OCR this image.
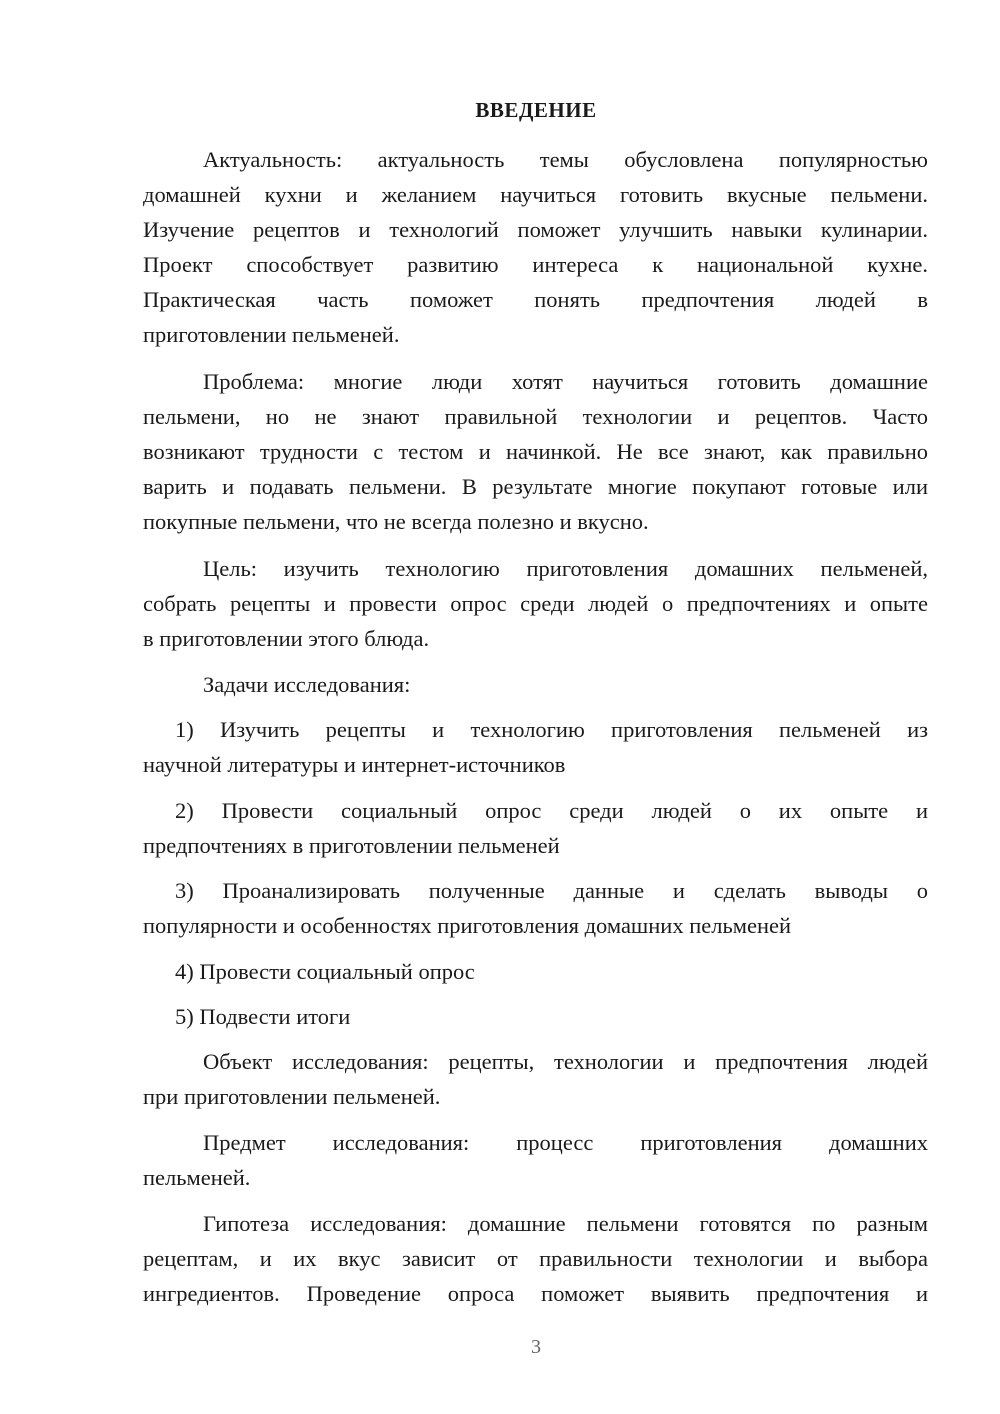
ВВЕДЕНИЕ
Актуальность: актуальность темы обусловлена популярностью
домашней кухни и желанием научиться готовить вкусные пельмени.
Изучение рецептов и технологий поможет улучшить навыки кулинарии.
Проект способствует развитию интереса к национальной кухне.
Практическая часть поможет понять предпочтения людей в
приготовлении пельменей.
Проблема: многие люди хотят научиться готовить домашние
пельмени, но не знают правильной технологии и рецептов. Часто
возникают трудности с тестом и начинкой. Не все знают, как правильно
варить и подавать пельмени. В результате многие покупают готовые или
покупные пельмени, что не всегда полезно и вкусно.
Цель: изучить технологию приготовления домашних пельменей,
собрать рецепты и провести опрос среди людей о предпочтениях и опыте
в приготовлении этого блюда.
Задачи исследования:
1) Изучить рецепты и технологию приготовления пельменей из
научной литературы и интернет-источников
2) Провести социальный опрос среди людей о их опыте и
предпочтениях в приготовлении пельменей
3) Проанализировать полученные данные и сделать выводы о
популярности и особенностях приготовления домашних пельменей
4) Провести социальный опрос
5) Подвести итоги
Объект исследования: рецепты, технологии и предпочтения людей
при приготовлении пельменей.
Предмет исследования: процесс приготовления домашних
пельменей.
Гипотеза исследования: домашние пельмени готовятся по разным
рецептам, и их вкус зависит от правильности технологии и выбора
ингредиентов. Проведение опроса поможет выявить предпочтения и
3
